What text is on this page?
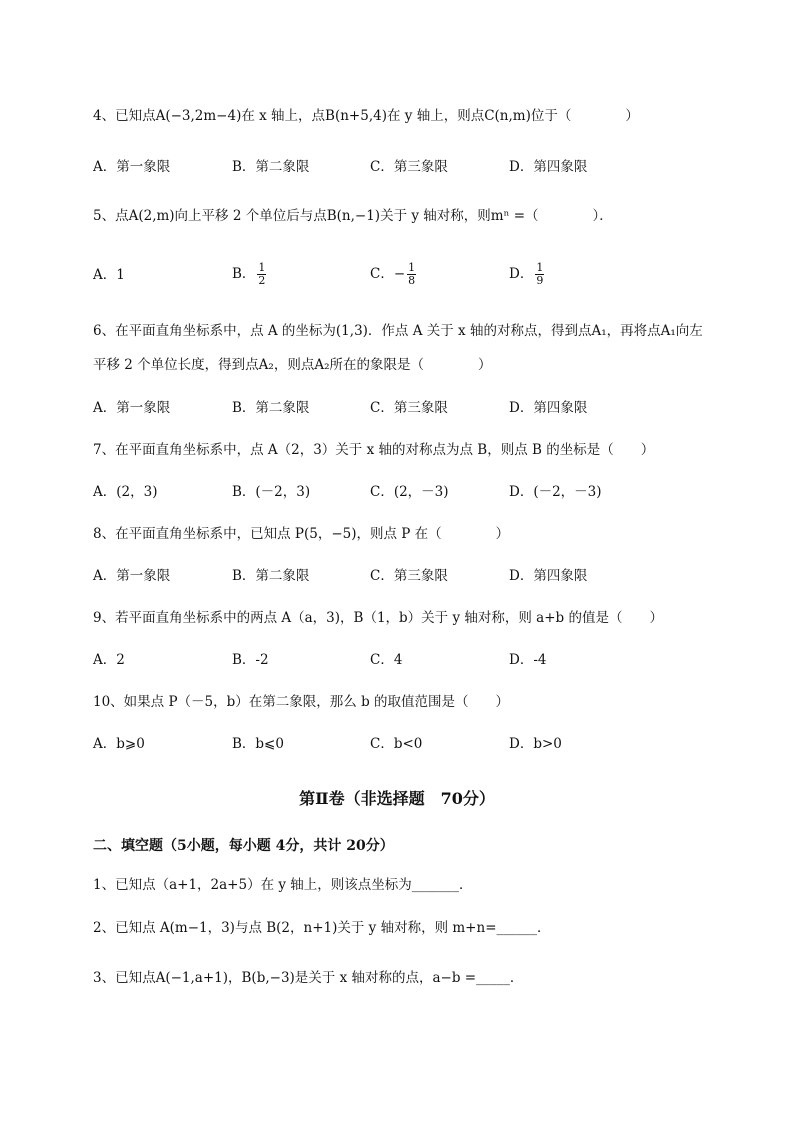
4、已知点A(−3,2m−4)在 x 轴上，点B(n+5,4)在 y 轴上，则点C(n,m)位于（　　　　）
A．第一象限	B．第二象限	C．第三象限	D．第四象限
5、点A(2,m)向上平移 2 个单位后与点B(n,−1)关于 y 轴对称，则mⁿ =（　　　　）．
A．1	B． $\frac{1}{2}$	C．− $\frac{1}{8}$	D． $\frac{1}{9}$
6、在平面直角坐标系中，点 A 的坐标为(1,3)．作点 A 关于 x 轴的对称点，得到点A₁，再将点A₁向左
平移 2 个单位长度，得到点A₂，则点A₂所在的象限是（　　　　）
A．第一象限	B．第二象限	C．第三象限	D．第四象限
7、在平面直角坐标系中，点 A（2，3）关于 x 轴的对称点为点 B，则点 B 的坐标是（　　）
A．(2，3)	B．(－2，3)	C．(2，－3)	D．(－2，－3)
8、在平面直角坐标系中，已知点 P(5，−5)，则点 P 在（　　　　）
A．第一象限	B．第二象限	C．第三象限	D．第四象限
9、若平面直角坐标系中的两点 A（a，3)，B（1，b）关于 y 轴对称，则 a+b 的值是（　　）
A．2	B．-2	C．4	D．-4
10、如果点 P（－5，b）在第二象限，那么 b 的取值范围是（　　）
A．b⩾0	B．b⩽0	C．b<0	D．b>0
第Ⅱ卷（非选择题　70分）
二、填空题（5小题，每小题 4分，共计 20分）
1、已知点（a+1，2a+5）在 y 轴上，则该点坐标为_______．
2、已知点 A(m−1，3)与点 B(2，n+1)关于 y 轴对称，则 m+n=______．
3、已知点A(−1,a+1)，B(b,−3)是关于 x 轴对称的点，a−b =_____．
